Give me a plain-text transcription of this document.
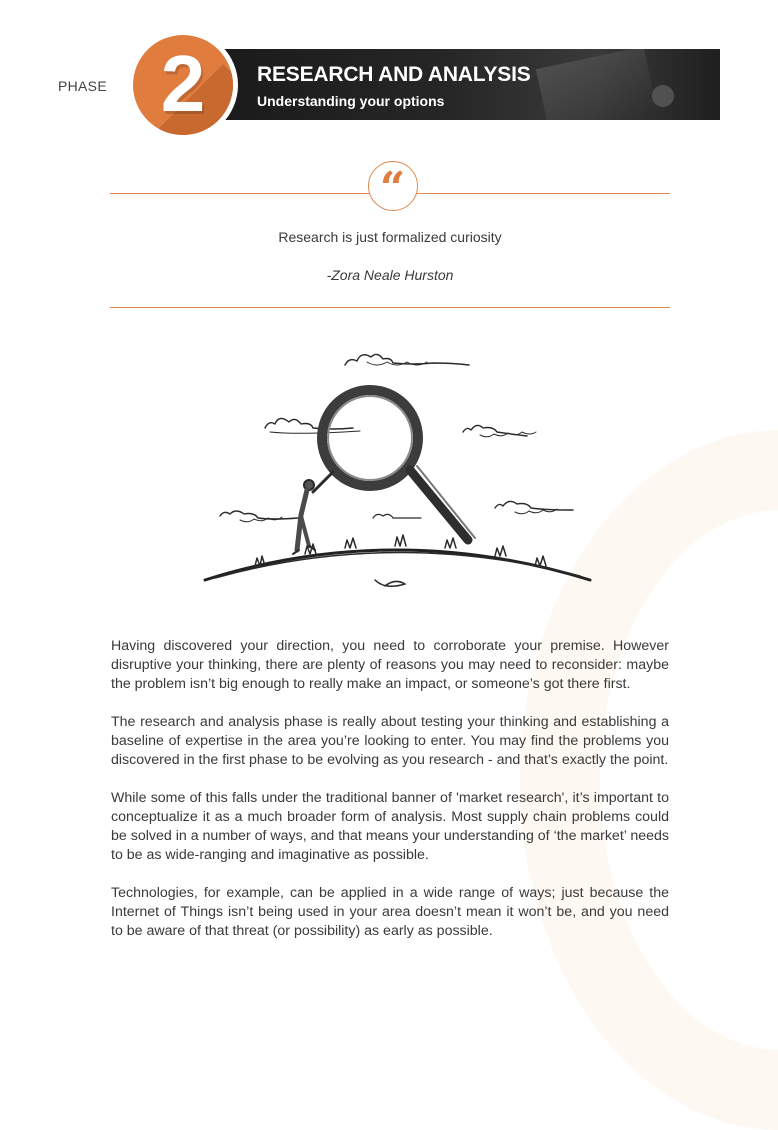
PHASE	RESEARCH AND ANALYSIS
Understanding your options
2
“
Research is just formalized curiosity
-Zora Neale Hurston

Having discovered your direction, you need to corroborate your premise. However disruptive your thinking, there are plenty of reasons you may need to reconsider: maybe the problem isn’t big enough to really make an impact, or someone’s got there first.

The research and analysis phase is really about testing your thinking and establishing a baseline of expertise in the area you’re looking to enter. You may find the problems you discovered in the first phase to be evolving as you research - and that’s exactly the point.

While some of this falls under the traditional banner of 'market research', it’s important to conceptualize it as a much broader form of analysis. Most supply chain problems could be solved in a number of ways, and that means your understanding of ‘the market’ needs to be as wide-ranging and imaginative as possible.

Technologies, for example, can be applied in a wide range of ways; just because the Internet of Things isn’t being used in your area doesn’t mean it won’t be, and you need to be aware of that threat (or possibility) as early as possible.
